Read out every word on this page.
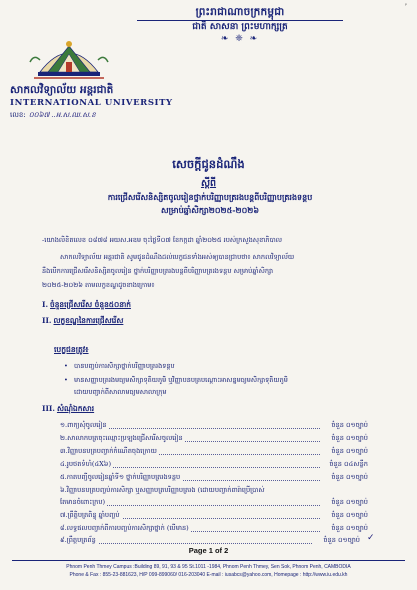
ᴾ
ព្រះរាជាណាចក្រកម្ពុជា
ជាតិ សាសនា ព្រះមហាក្សត្រ
❧ ❈ ❧
សាកលវិទ្យាល័យ អន្តរជាតិ
INTERNATIONAL UNIVERSITY
លេខ: ០០៦៧ ..អ.ស.ឈ.ស.ខ
សេចក្តីជូនដំណឹង
ស្តីពី
ការជ្រើសរើសនិស្សិតចូលរៀនថ្នាក់បរិញ្ញាបត្ររងបន្តពីបរិញ្ញាបត្ររងទន្តប
សម្រាប់ឆ្នាំសិក្សា២០២៥-២០២៦
-យោងលិខិតលេខ ០៨៧៨ អយស.អឧម ចុះថ្ងៃទី០៧ ខែកក្កដា ឆ្នាំ២០២៥ របស់ក្រសួងសុខាភិបាល
សាកលវិទ្យាល័យ អន្តរជាតិ សូមជូនដំណឹងដល់បេក្ខជនទាំងអស់ឲ្យបានជ្រាបថា៖ សាកលវិទ្យាល័យ
នឹងបើកការជ្រើសរើសនិស្សិតចូលរៀន ថ្នាក់បរិញ្ញាបត្ររងបន្តពីបរិញ្ញាបត្ររងទន្តប សម្រាប់ឆ្នាំសិក្សា
២០២៥-២០២៦ តាមលក្ខខណ្ឌដូចខាងក្រោម៖
I. ចំនួនជ្រើសរើស ចំនួន៥០នាក់
II. លក្ខខណ្ឌនៃការជ្រើសរើស
បេក្ខជនត្រូវ៖
• បានបញ្ចប់ការសិក្សាថ្នាក់បរិញ្ញាបត្ររងទន្តប
• មានសញ្ញាបត្ររងមធ្យមសិក្សាទុតិយភូមិ ឬវិញ្ញាបនបត្របណ្តោះអាសន្នមធ្យមសិក្សាទុតិយភូមិ
ដោយបញ្ជាក់ពីសាលាមធ្យមសាលាក្រុម
III. សំណុំឯកសារ
១.ពាក្យសុំចូលរៀន	ចំនួន ០១ច្បាប់
២.សាលាកបត្រចុះឈ្មោះប្រឡងជ្រើសរើសចូលរៀន	ចំនួន ០១ច្បាប់
៣.វិញ្ញាបនបត្របញ្ជាក់កំណើតចុងក្រោយ	ចំនួន ០១ច្បាប់
៤.រូបថតទំហំ(៤X៦)	ចំនួន ០៤សន្លឹក
៥.កាតបញ្ជីចូលរៀនឆ្នាំទី១ ថ្នាក់បរិញ្ញាបត្ររងទន្តប	ចំនួន ០១ច្បាប់
៦.វិញ្ញាបនបត្របញ្ចប់ការសិក្សា ឬសញ្ញាបត្របរិញ្ញាបត្ររង (ដោយបញ្ជាក់ពារ៉ាប្រើប្រាស់
តែមានចំពោះក្រប)	ចំនួន ០១ច្បាប់
៧.ព្រឹត្តិបត្រពិន្ទុ ឆ្នាំបញ្ចប់	ចំនួន ០១ច្បាប់
៨.លទ្ធផលបញ្ជាក់ពីការបញ្ចប់ការសិក្សាថ្នាក់ (បើមាន)	ចំនួន ០១ច្បាប់
៩.ព្រឹត្តបត្រព័ន្ធ	ចំនួន ០១ច្បាប់ ✓
Page 1 of 2
Phnom Penh Thmey Campus :Building 89, 91, 93 & 95 St.1011 -1984, Phnom Penh Thmey, Sen Sok, Phnom Penh, CAMBODIA
Phone & Fax : 855-23-881623, H/P 099-899060/ 016-203040 E-mail : iusabcs@yahoo.com, Homepage : http://www.iu.edu.kh
